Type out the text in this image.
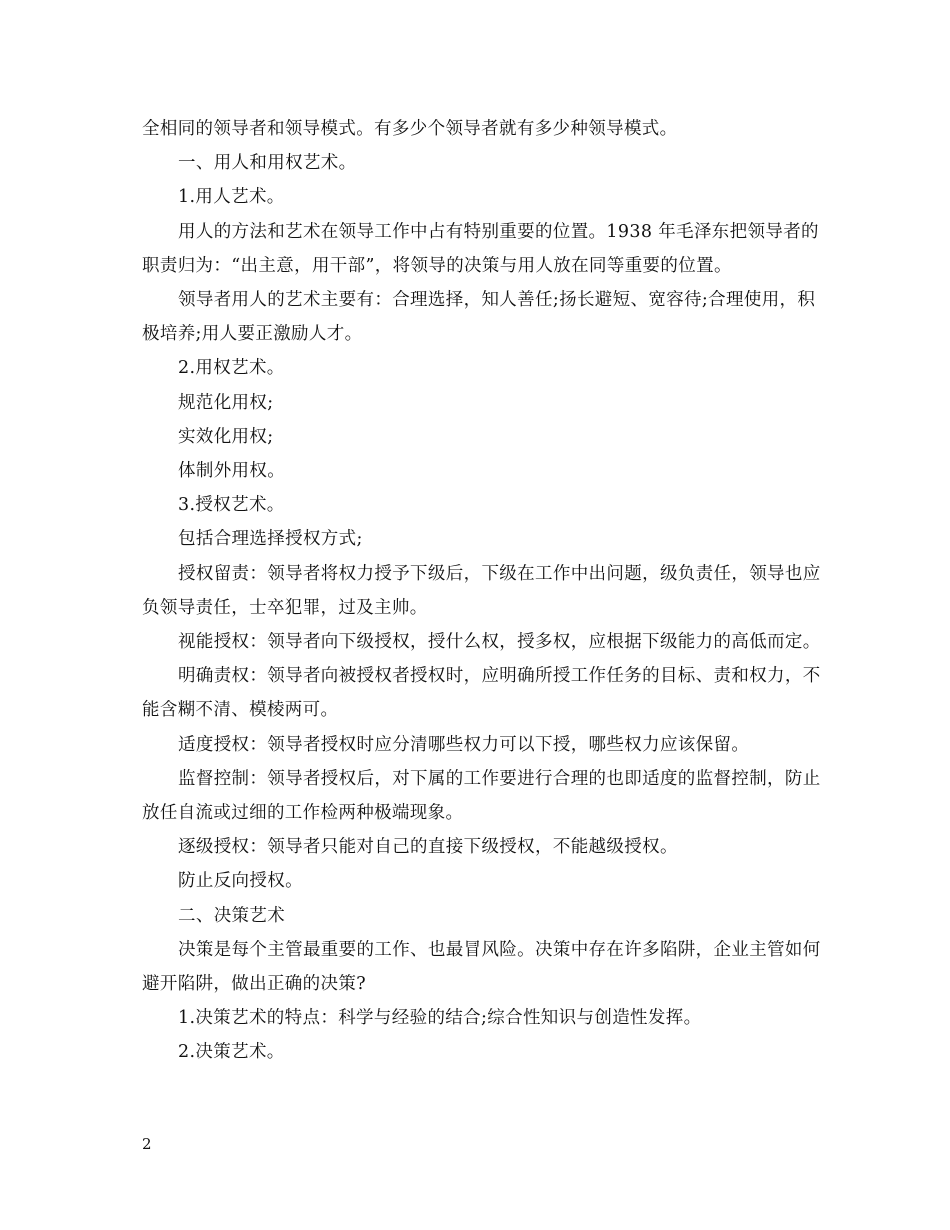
全相同的领导者和领导模式。有多少个领导者就有多少种领导模式。

一、用人和用权艺术。

1.用人艺术。

用人的方法和艺术在领导工作中占有特别重要的位置。1938 年毛泽东把领导者的职责归为：“出主意，用干部”，将领导的决策与用人放在同等重要的位置。

领导者用人的艺术主要有：合理选择，知人善任;扬长避短、宽容待;合理使用，积极培养;用人要正激励人才。

2.用权艺术。

规范化用权;

实效化用权;

体制外用权。

3.授权艺术。

包括合理选择授权方式;

授权留责：领导者将权力授予下级后，下级在工作中出问题，级负责任，领导也应负领导责任，士卒犯罪，过及主帅。

视能授权：领导者向下级授权，授什么权，授多权，应根据下级能力的高低而定。

明确责权：领导者向被授权者授权时，应明确所授工作任务的目标、责和权力，不能含糊不清、模棱两可。

适度授权：领导者授权时应分清哪些权力可以下授，哪些权力应该保留。

监督控制：领导者授权后，对下属的工作要进行合理的也即适度的监督控制，防止放任自流或过细的工作检两种极端现象。

逐级授权：领导者只能对自己的直接下级授权，不能越级授权。

防止反向授权。

二、决策艺术

决策是每个主管最重要的工作、也最冒风险。决策中存在许多陷阱，企业主管如何避开陷阱，做出正确的决策?

1.决策艺术的特点：科学与经验的结合;综合性知识与创造性发挥。

2.决策艺术。

2
